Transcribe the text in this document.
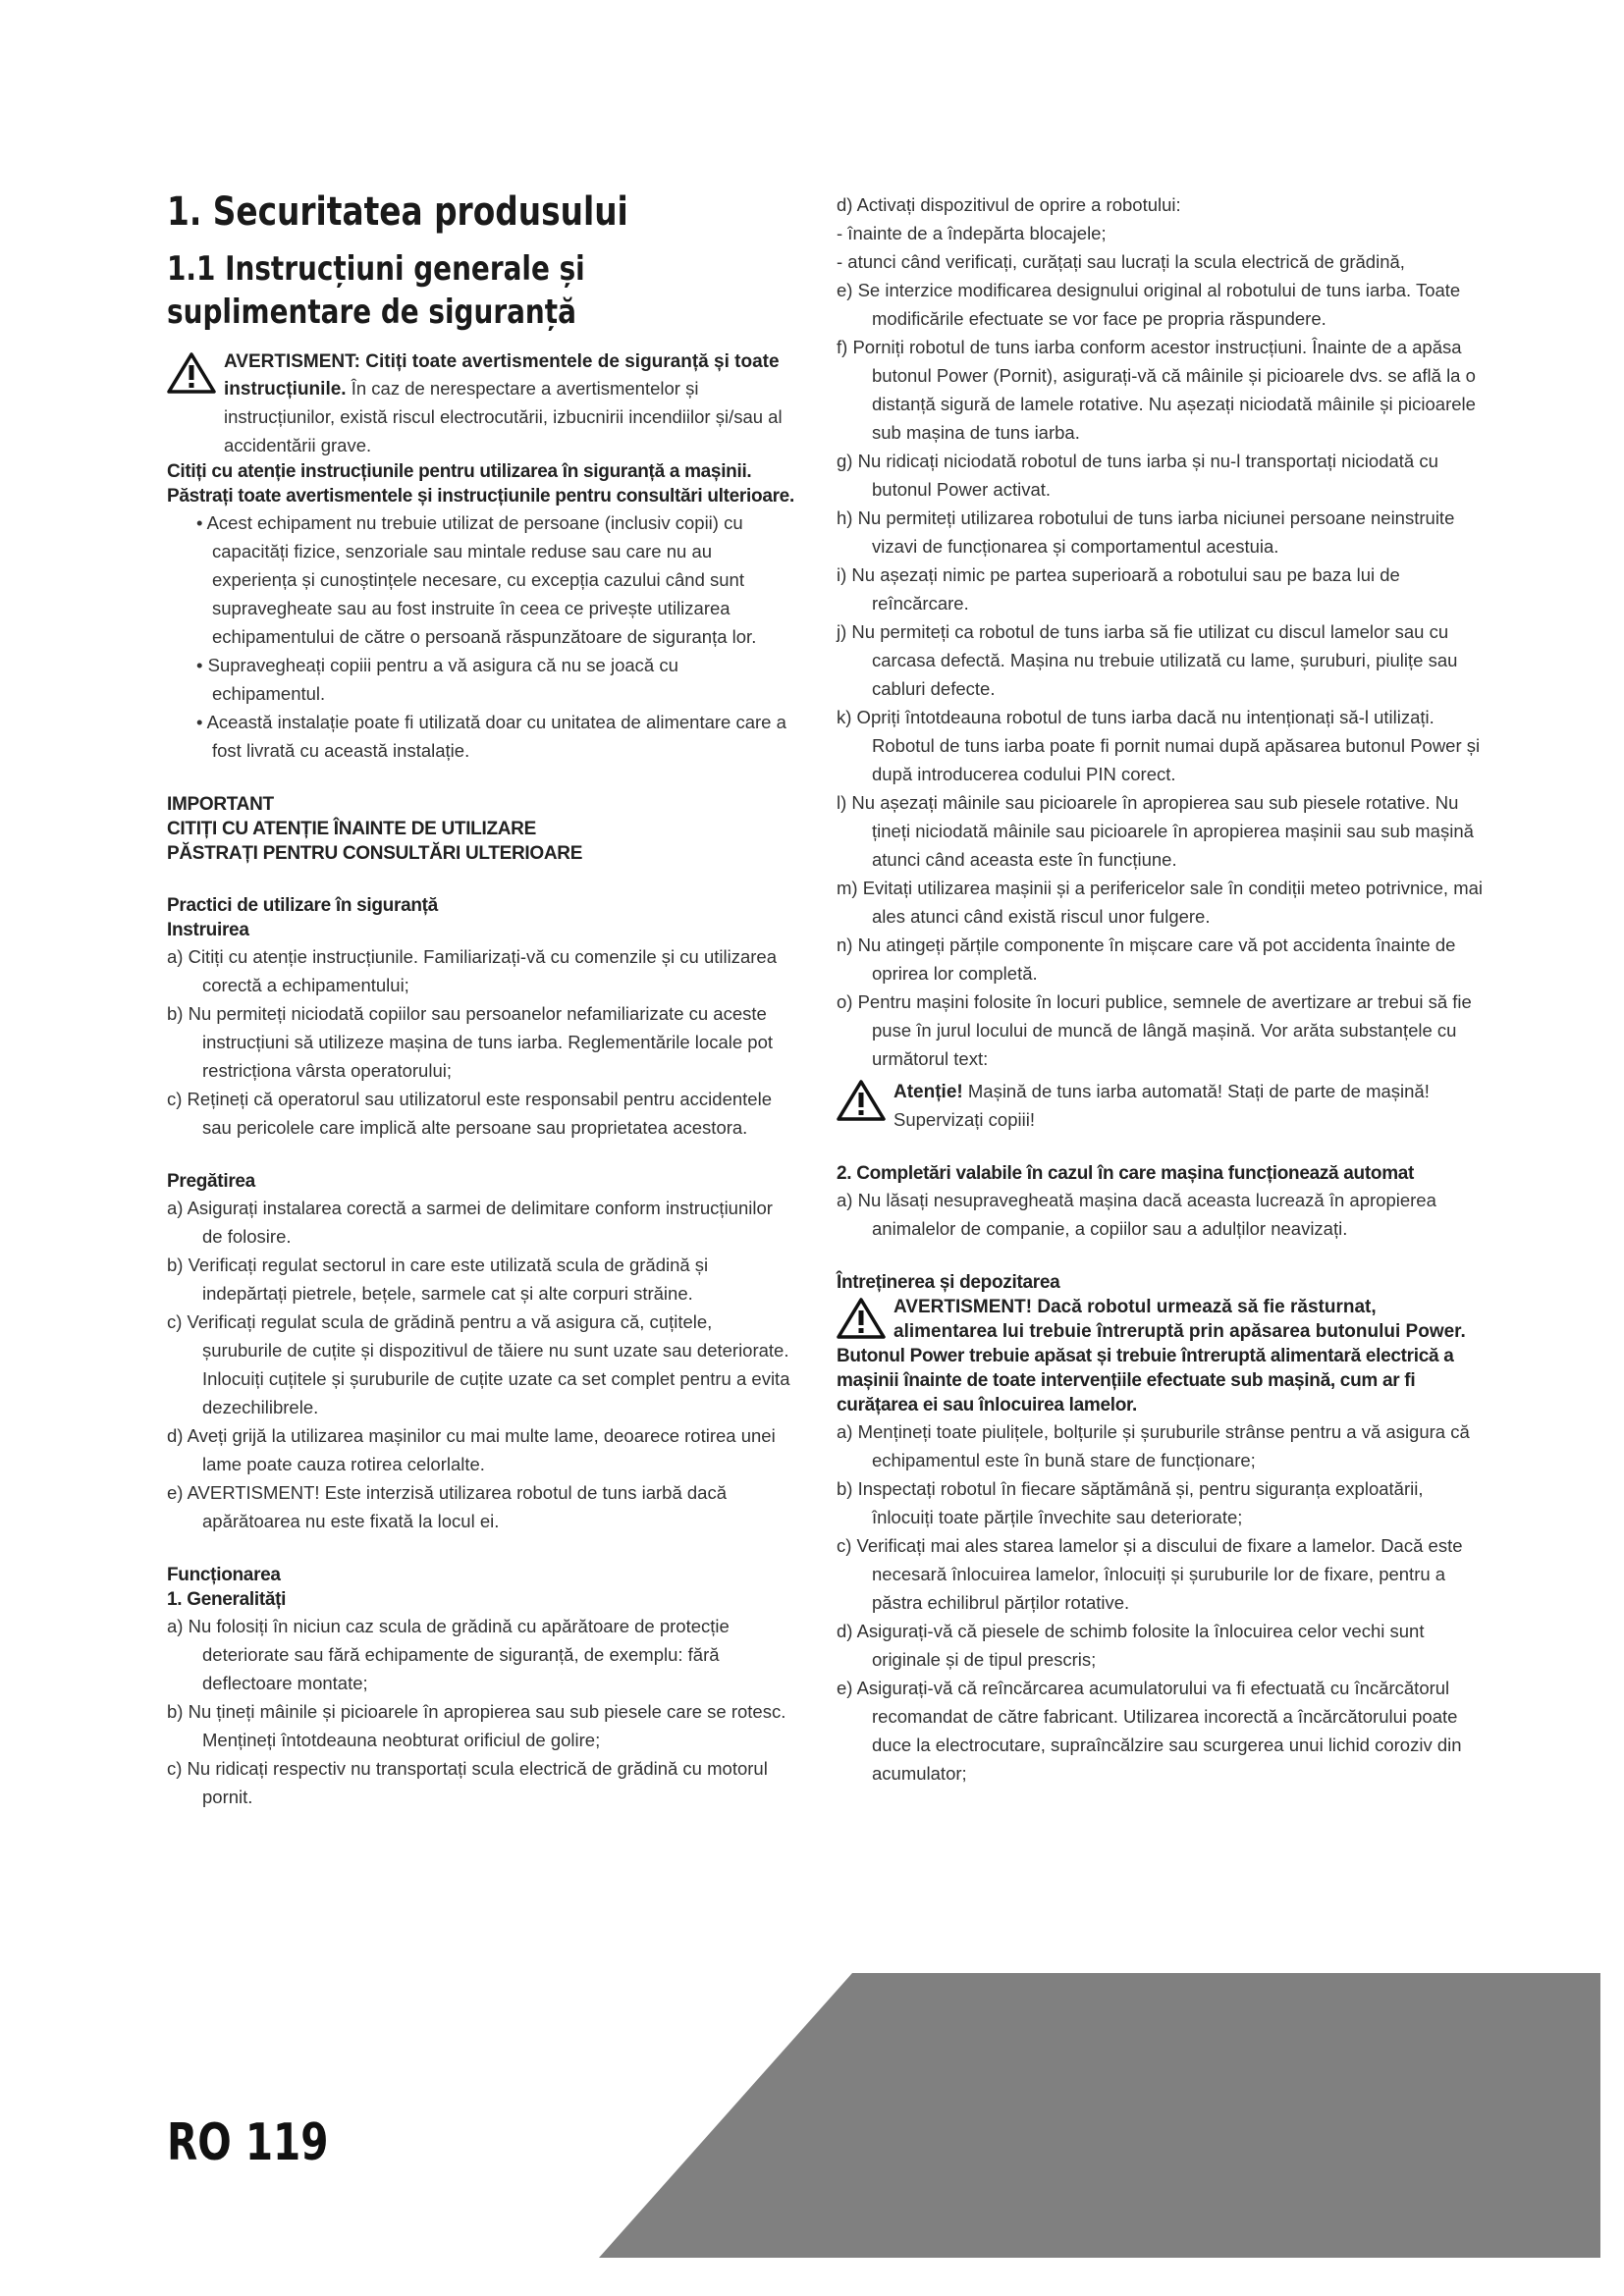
1. Securitatea produsului
1.1 Instrucțiuni generale și suplimentare de siguranță
AVERTISMENT: Citiți toate avertismentele de siguranță și toate instrucțiunile. În caz de nerespectare a avertismentelor și instrucțiunilor, există riscul electrocutării, izbucnirii incendiilor și/sau al accidentării grave.
Citiți cu atenție instrucțiunile pentru utilizarea în siguranță a mașinii.
Păstrați toate avertismentele și instrucțiunile pentru consultări ulterioare.
• Acest echipament nu trebuie utilizat de persoane (inclusiv copii) cu capacități fizice, senzoriale sau mintale reduse sau care nu au experiența și cunoștințele necesare, cu excepția cazului când sunt supravegheate sau au fost instruite în ceea ce privește utilizarea echipamentului de către o persoană răspunzătoare de siguranța lor.
• Supravegheați copiii pentru a vă asigura că nu se joacă cu echipamentul.
• Această instalație poate fi utilizată doar cu unitatea de alimentare care a fost livrată cu această instalație.
IMPORTANT
CITIȚI CU ATENȚIE ÎNAINTE DE UTILIZARE
PĂSTRAȚI PENTRU CONSULTĂRI ULTERIOARE
Practici de utilizare în siguranță
Instruirea
a) Citiți cu atenție instrucțiunile. Familiarizați-vă cu comenzile și cu utilizarea corectă a echipamentului;
b) Nu permiteți niciodată copiilor sau persoanelor nefamiliarizate cu aceste instrucțiuni să utilizeze mașina de tuns iarba. Reglementările locale pot restricționa vârsta operatorului;
c) Rețineți că operatorul sau utilizatorul este responsabil pentru accidentele sau pericolele care implică alte persoane sau proprietatea acestora.
Pregătirea
a) Asigurați instalarea corectă a sarmei de delimitare conform instrucțiunilor de folosire.
b) Verificați regulat sectorul in care este utilizată scula de grădină și indepărtați pietrele, bețele, sarmele cat și alte corpuri străine.
c) Verificați regulat scula de grădină pentru a vă asigura că, cuțitele, șuruburile de cuțite și dispozitivul de tăiere nu sunt uzate sau deteriorate. Inlocuiți cuțitele și șuruburile de cuțite uzate ca set complet pentru a evita dezechilibrele.
d) Aveți grijă la utilizarea mașinilor cu mai multe lame, deoarece rotirea unei lame poate cauza rotirea celorlalte.
e) AVERTISMENT! Este interzisă utilizarea robotul de tuns iarbă dacă apărătoarea nu este fixată la locul ei.
Funcționarea
1. Generalități
a) Nu folosiți în niciun caz scula de grădină cu apărătoare de protecție deteriorate sau fără echipamente de siguranță, de exemplu: fără deflectoare montate;
b) Nu țineți mâinile și picioarele în apropierea sau sub piesele care se rotesc. Mențineți întotdeauna neobturat orificiul de golire;
c) Nu ridicați respectiv nu transportați scula electrică de grădină cu motorul pornit.
d) Activați dispozitivul de oprire a robotului:
- înainte de a îndepărta blocajele;
- atunci când verificați, curățați sau lucrați la scula electrică de grădină,
e) Se interzice modificarea designului original al robotului de tuns iarba. Toate modificările efectuate se vor face pe propria răspundere.
f) Porniți robotul de tuns iarba conform acestor instrucțiuni. Înainte de a apăsa butonul Power (Pornit), asigurați-vă că mâinile și picioarele dvs. se află la o distanță sigură de lamele rotative. Nu așezați niciodată mâinile și picioarele sub mașina de tuns iarba.
g) Nu ridicați niciodată robotul de tuns iarba și nu-l transportați niciodată cu butonul Power activat.
h) Nu permiteți utilizarea robotului de tuns iarba niciunei persoane neinstruite vizavi de funcționarea și comportamentul acestuia.
i) Nu așezați nimic pe partea superioară a robotului sau pe baza lui de reîncărcare.
j) Nu permiteți ca robotul de tuns iarba să fie utilizat cu discul lamelor sau cu carcasa defectă. Mașina nu trebuie utilizată cu lame, șuruburi, piulițe sau cabluri defecte.
k) Opriți întotdeauna robotul de tuns iarba dacă nu intenționați să-l utilizați. Robotul de tuns iarba poate fi pornit numai după apăsarea butonul Power și după introducerea codului PIN corect.
l) Nu așezați mâinile sau picioarele în apropierea sau sub piesele rotative. Nu țineți niciodată mâinile sau picioarele în apropierea mașinii sau sub mașină atunci când aceasta este în funcțiune.
m) Evitați utilizarea mașinii și a perifericelor sale în condiții meteo potrivnice, mai ales atunci când există riscul unor fulgere.
n) Nu atingeți părțile componente în mișcare care vă pot accidenta înainte de oprirea lor completă.
o) Pentru mașini folosite în locuri publice, semnele de avertizare ar trebui să fie puse în jurul locului de muncă de lângă mașină. Vor arăta substanțele cu următorul text:
Atenție! Mașină de tuns iarba automată! Stați de parte de mașină! Supervizați copiii!
2. Completări valabile în cazul în care mașina funcționează automat
a) Nu lăsați nesupravegheată mașina dacă aceasta lucrează în apropierea animalelor de companie, a copiilor sau a adulților neavizați.
Întreținerea și depozitarea
AVERTISMENT! Dacă robotul urmează să fie răsturnat, alimentarea lui trebuie întreruptă prin apăsarea butonului Power.
Butonul Power trebuie apăsat și trebuie întreruptă alimentară electrică a mașinii înainte de toate intervențiile efectuate sub mașină, cum ar fi curățarea ei sau înlocuirea lamelor.
a) Mențineți toate piulițele, bolțurile și șuruburile strânse pentru a vă asigura că echipamentul este în bună stare de funcționare;
b) Inspectați robotul în fiecare săptămână și, pentru siguranța exploatării, înlocuiți toate părțile învechite sau deteriorate;
c) Verificați mai ales starea lamelor și a discului de fixare a lamelor. Dacă este necesară înlocuirea lamelor, înlocuiți și șuruburile lor de fixare, pentru a păstra echilibrul părților rotative.
d) Asigurați-vă că piesele de schimb folosite la înlocuirea celor vechi sunt originale și de tipul prescris;
e) Asigurați-vă că reîncărcarea acumulatorului va fi efectuată cu încărcătorul recomandat de către fabricant. Utilizarea incorectă a încărcătorului poate duce la electrocutare, supraîncălzire sau scurgerea unui lichid coroziv din acumulator;
RO 119
